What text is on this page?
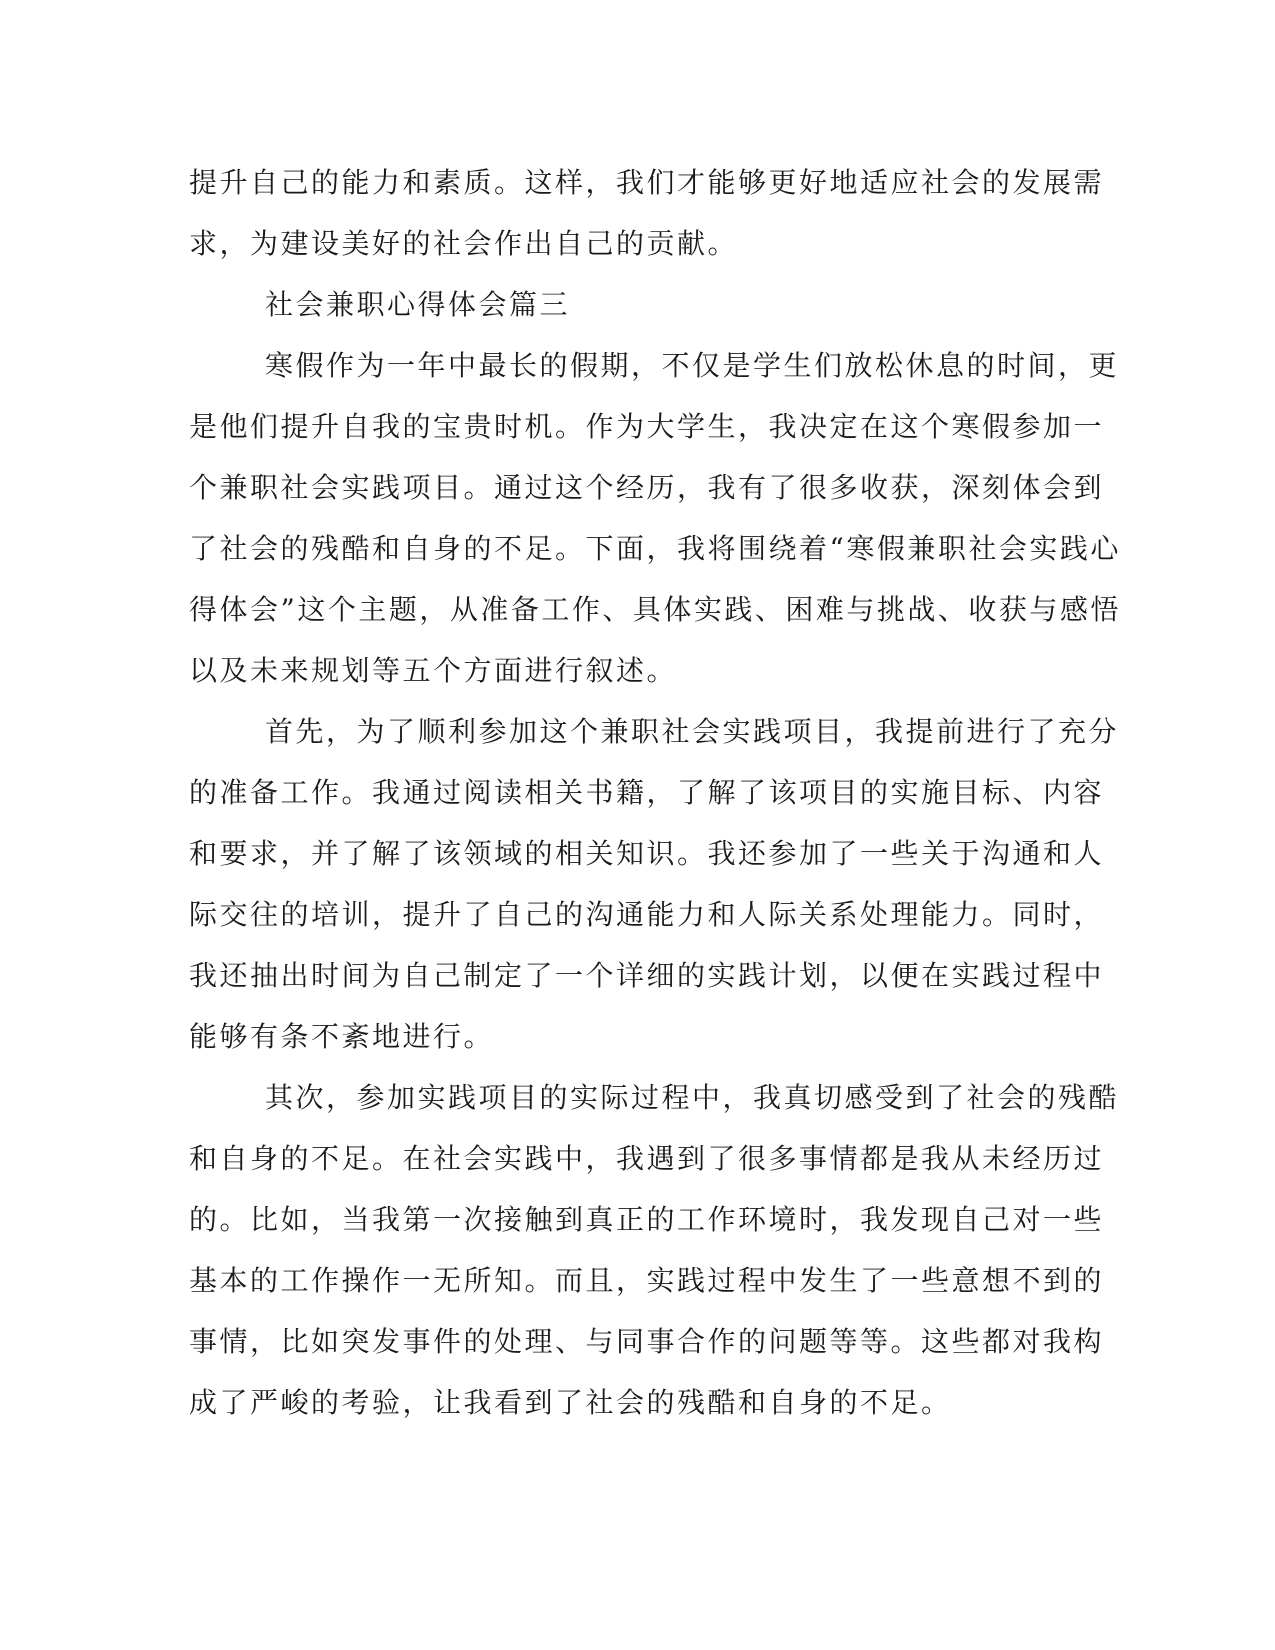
提升自己的能力和素质。这样，我们才能够更好地适应社会的发展需
求，为建设美好的社会作出自己的贡献。
社会兼职心得体会篇三
寒假作为一年中最长的假期，不仅是学生们放松休息的时间，更
是他们提升自我的宝贵时机。作为大学生，我决定在这个寒假参加一
个兼职社会实践项目。通过这个经历，我有了很多收获，深刻体会到
了社会的残酷和自身的不足。下面，我将围绕着“寒假兼职社会实践心
得体会”这个主题，从准备工作、具体实践、困难与挑战、收获与感悟
以及未来规划等五个方面进行叙述。
首先，为了顺利参加这个兼职社会实践项目，我提前进行了充分
的准备工作。我通过阅读相关书籍，了解了该项目的实施目标、内容
和要求，并了解了该领域的相关知识。我还参加了一些关于沟通和人
际交往的培训，提升了自己的沟通能力和人际关系处理能力。同时，
我还抽出时间为自己制定了一个详细的实践计划，以便在实践过程中
能够有条不紊地进行。
其次，参加实践项目的实际过程中，我真切感受到了社会的残酷
和自身的不足。在社会实践中，我遇到了很多事情都是我从未经历过
的。比如，当我第一次接触到真正的工作环境时，我发现自己对一些
基本的工作操作一无所知。而且，实践过程中发生了一些意想不到的
事情，比如突发事件的处理、与同事合作的问题等等。这些都对我构
成了严峻的考验，让我看到了社会的残酷和自身的不足。
